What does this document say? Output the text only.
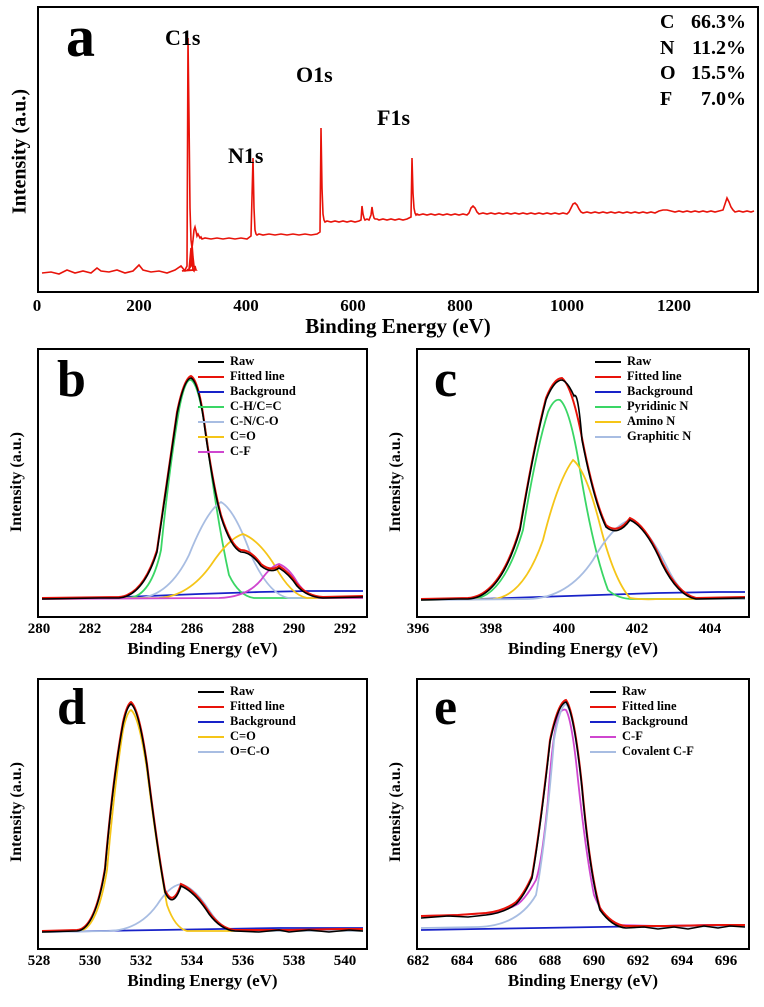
a	C 66.3%
N 11.2%
O 15.5%
F	7.0%
C1s
N1s
O1s
F1s
0	200	400	600	800	1000	1200
Binding Energy (eV)
Intensity (a.u.)
b	Raw
Fitted line
Background
C-H/C=C
C-N/C-O
C=O
C-F
280	282	284	286	288	290	292
Binding Energy (eV)
Intensity (a.u.)
c	Raw
Fitted line
Background
Pyridinic N
Amino N
Graphitic N
396	398	400	402	404
Binding Energy (eV)
Intensity (a.u.)
d	Raw
Fitted line
Background
C=O
O=C-O
528	530	532	534	536	538	540
Binding Energy (eV)
Intensity (a.u.)
e	Raw
Fitted line
Background
C-F
Covalent C-F
682	684	686	688	690	692	694	696
Binding Energy (eV)
Intensity (a.u.)
